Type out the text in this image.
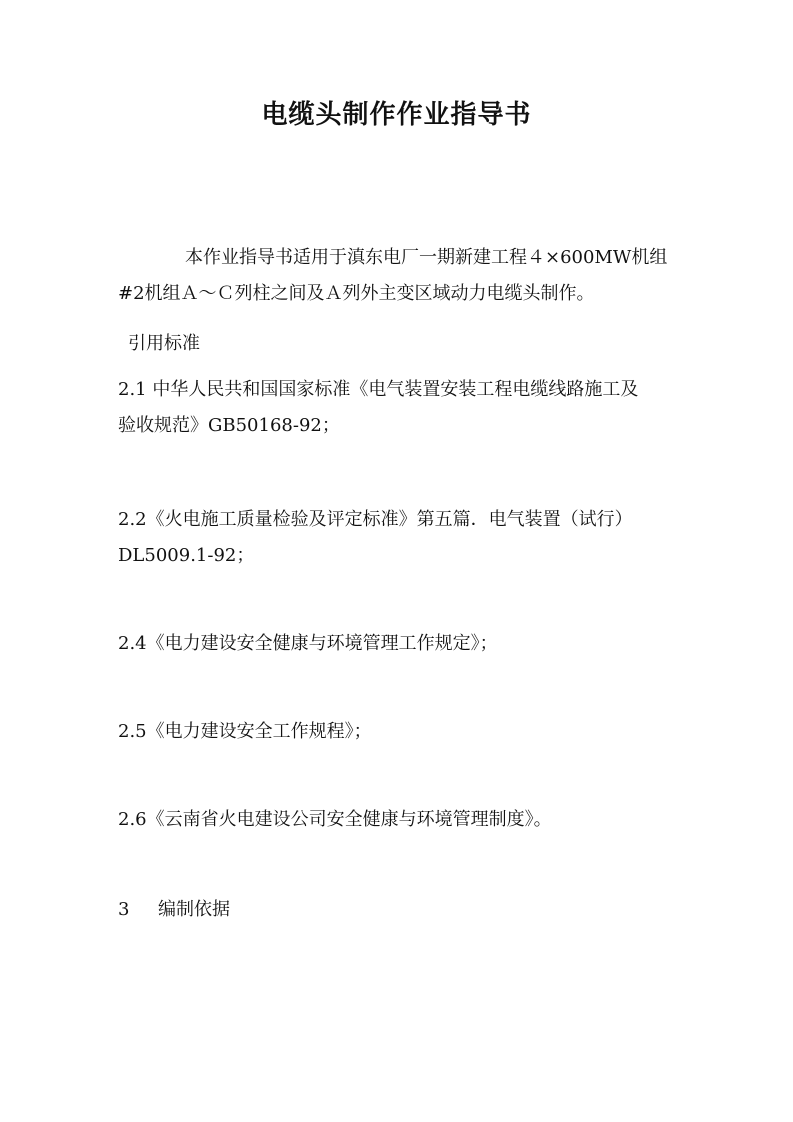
电缆头制作作业指导书

本作业指导书适用于滇东电厂一期新建工程４×600MW机组
#2机组Ａ～Ｃ列柱之间及Ａ列外主变区域动力电缆头制作。

引用标准

2.1 中华人民共和国国家标准《电气装置安装工程电缆线路施工及
验收规范》GB50168-92；

2.2《火电施工质量检验及评定标准》第五篇．电气装置（试行）
DL5009.1-92；

2.4《电力建设安全健康与环境管理工作规定》；

2.5《电力建设安全工作规程》；

2.6《云南省火电建设公司安全健康与环境管理制度》。

3 编制依据
